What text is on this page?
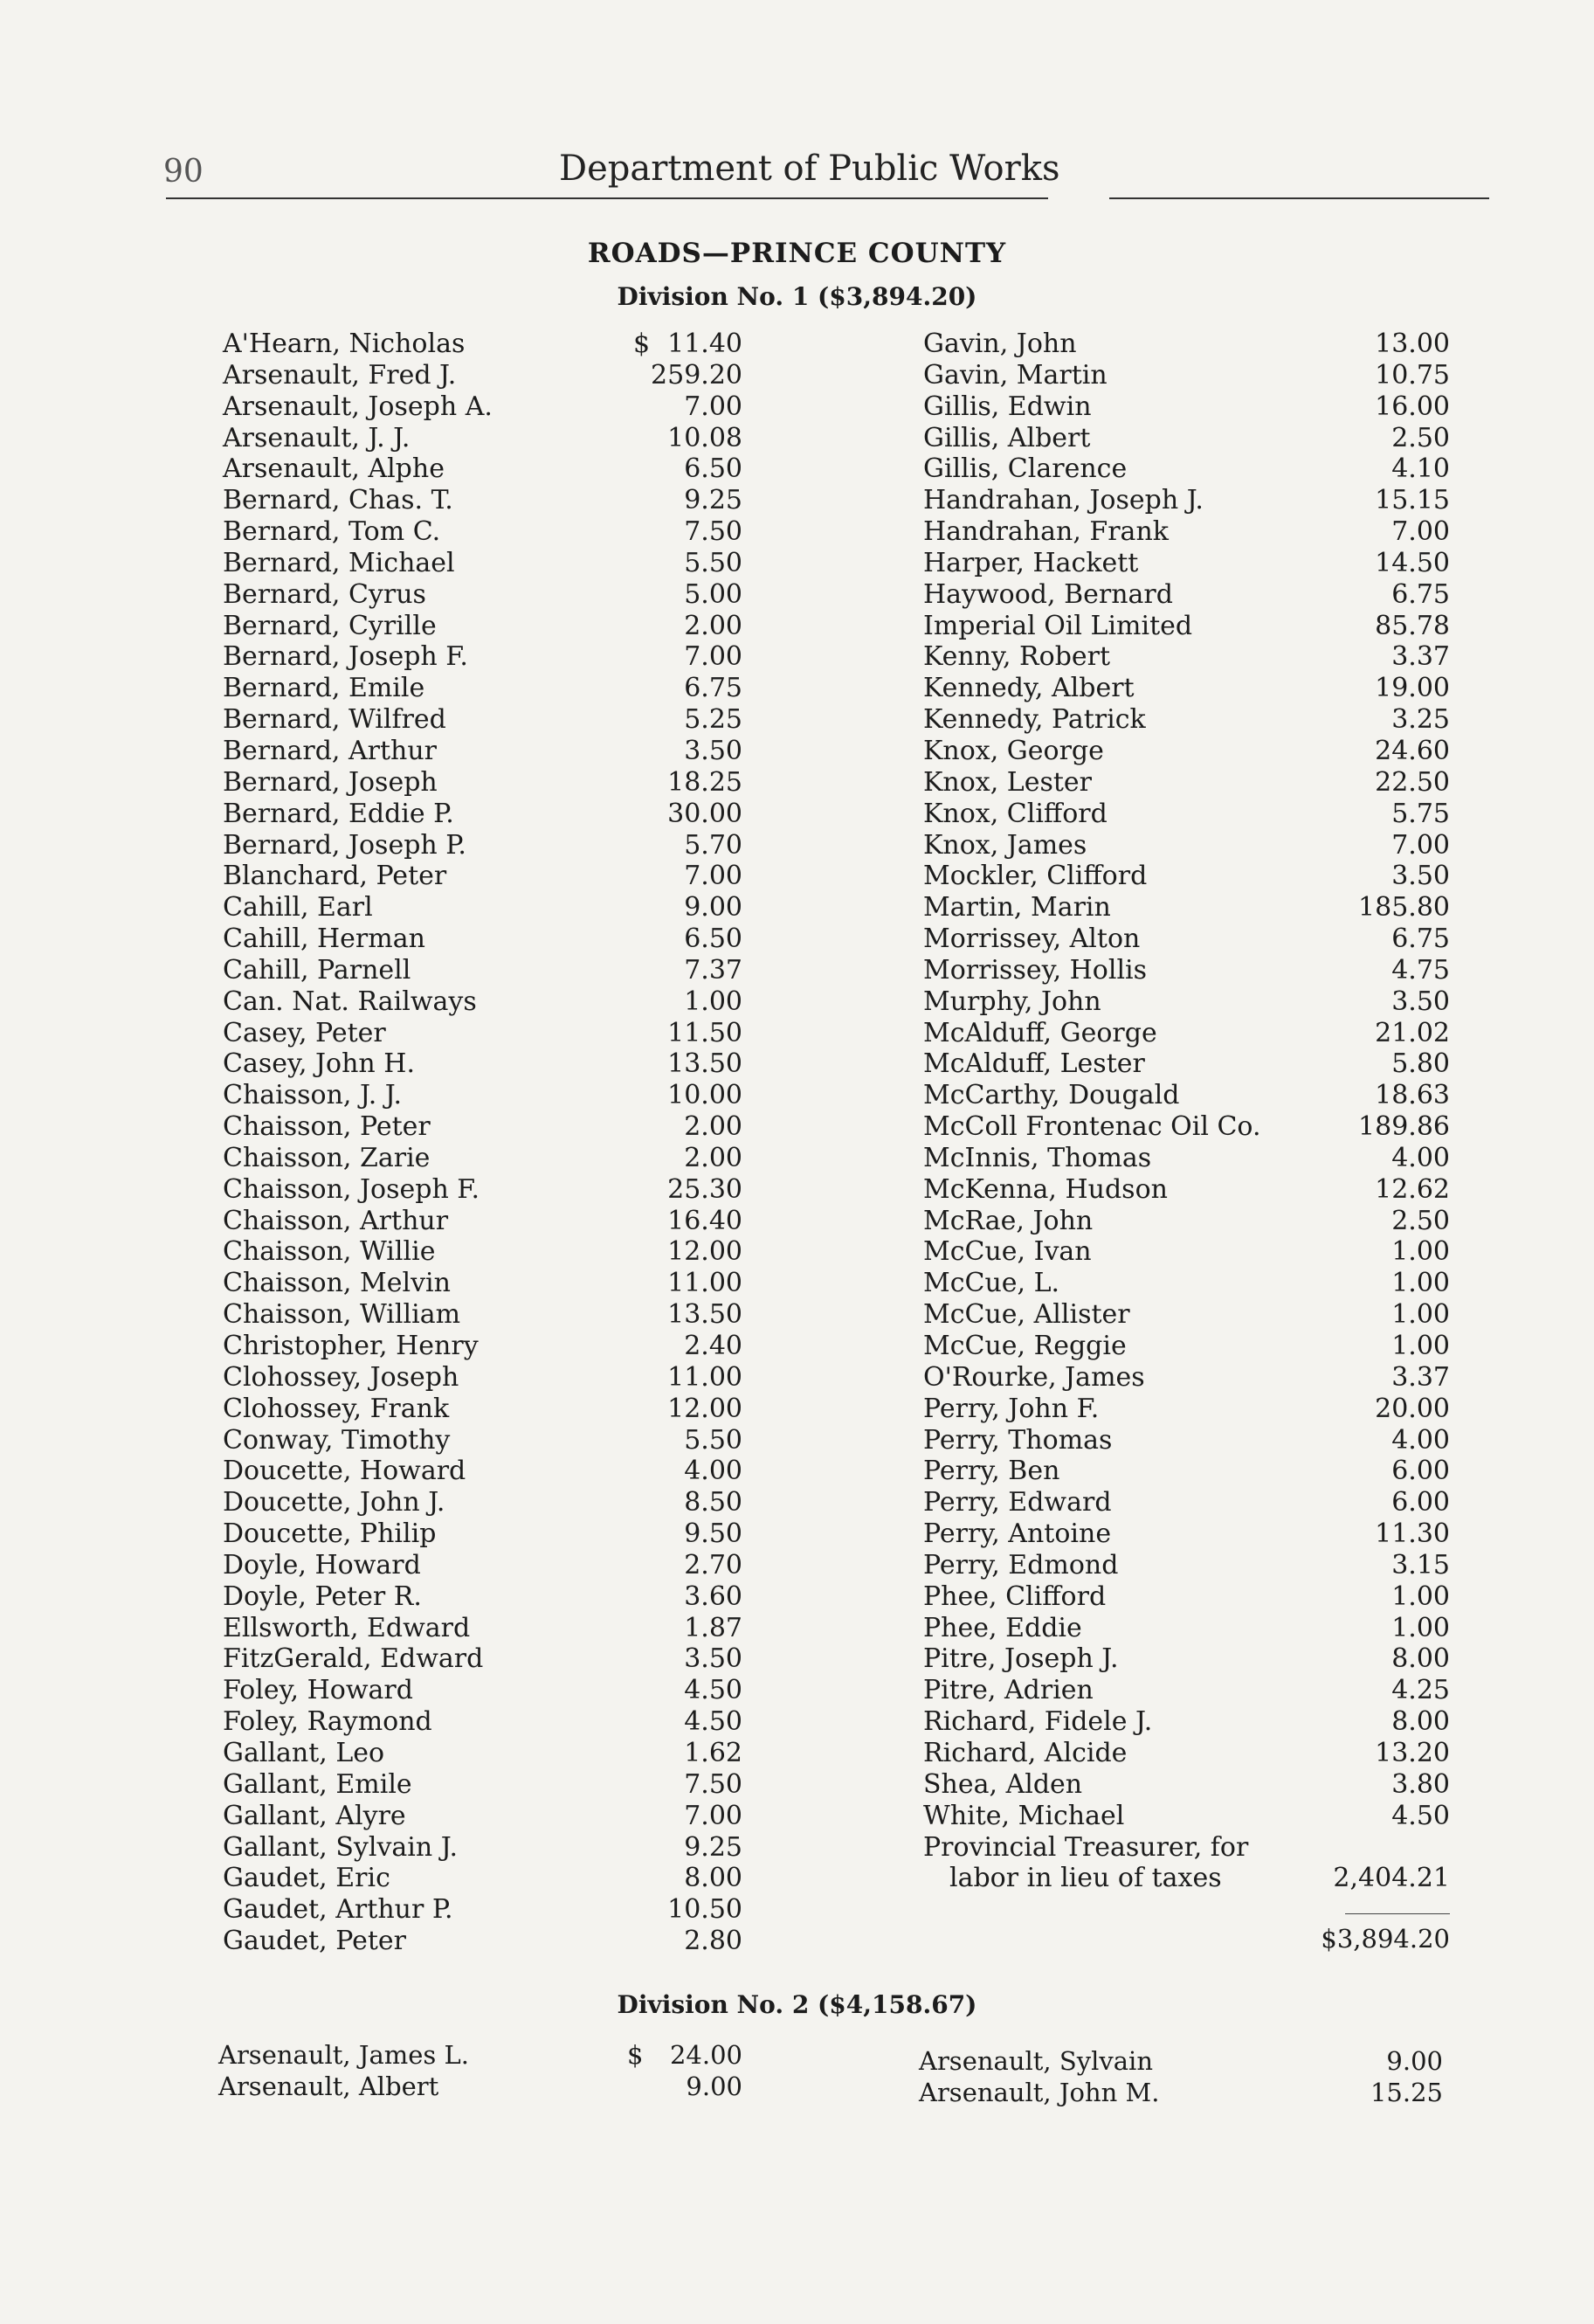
90	Department of Public Works
ROADS—PRINCE COUNTY
Division No. 1 ($3,894.20)
A'Hearn, Nicholas	$ 11.40
Arsenault, Fred J.	259.20
Arsenault, Joseph A.	7.00
Arsenault, J. J.	10.08
Arsenault, Alphe	6.50
Bernard, Chas. T.	9.25
Bernard, Tom C.	7.50
Bernard, Michael	5.50
Bernard, Cyrus	5.00
Bernard, Cyrille	2.00
Bernard, Joseph F.	7.00
Bernard, Emile	6.75
Bernard, Wilfred	5.25
Bernard, Arthur	3.50
Bernard, Joseph	18.25
Bernard, Eddie P.	30.00
Bernard, Joseph P.	5.70
Blanchard, Peter	7.00
Cahill, Earl	9.00
Cahill, Herman	6.50
Cahill, Parnell	7.37
Can. Nat. Railways	1.00
Casey, Peter	11.50
Casey, John H.	13.50
Chaisson, J. J.	10.00
Chaisson, Peter	2.00
Chaisson, Zarie	2.00
Chaisson, Joseph F.	25.30
Chaisson, Arthur	16.40
Chaisson, Willie	12.00
Chaisson, Melvin	11.00
Chaisson, William	13.50
Christopher, Henry	2.40
Clohossey, Joseph	11.00
Clohossey, Frank	12.00
Conway, Timothy	5.50
Doucette, Howard	4.00
Doucette, John J.	8.50
Doucette, Philip	9.50
Doyle, Howard	2.70
Doyle, Peter R.	3.60
Ellsworth, Edward	1.87
FitzGerald, Edward	3.50
Foley, Howard	4.50
Foley, Raymond	4.50
Gallant, Leo	1.62
Gallant, Emile	7.50
Gallant, Alyre	7.00
Gallant, Sylvain J.	9.25
Gaudet, Eric	8.00
Gaudet, Arthur P.	10.50
Gaudet, Peter	2.80
Gavin, John	13.00
Gavin, Martin	10.75
Gillis, Edwin	16.00
Gillis, Albert	2.50
Gillis, Clarence	4.10
Handrahan, Joseph J.	15.15
Handrahan, Frank	7.00
Harper, Hackett	14.50
Haywood, Bernard	6.75
Imperial Oil Limited	85.78
Kenny, Robert	3.37
Kennedy, Albert	19.00
Kennedy, Patrick	3.25
Knox, George	24.60
Knox, Lester	22.50
Knox, Clifford	5.75
Knox, James	7.00
Mockler, Clifford	3.50
Martin, Marin	185.80
Morrissey, Alton	6.75
Morrissey, Hollis	4.75
Murphy, John	3.50
McAlduff, George	21.02
McAlduff, Lester	5.80
McCarthy, Dougald	18.63
McColl Frontenac Oil Co.	189.86
McInnis, Thomas	4.00
McKenna, Hudson	12.62
McRae, John	2.50
McCue, Ivan	1.00
McCue, L.	1.00
McCue, Allister	1.00
McCue, Reggie	1.00
O'Rourke, James	3.37
Perry, John F.	20.00
Perry, Thomas	4.00
Perry, Ben	6.00
Perry, Edward	6.00
Perry, Antoine	11.30
Perry, Edmond	3.15
Phee, Clifford	1.00
Phee, Eddie	1.00
Pitre, Joseph J.	8.00
Pitre, Adrien	4.25
Richard, Fidele J.	8.00
Richard, Alcide	13.20
Shea, Alden	3.80
White, Michael	4.50
Provincial Treasurer, for
labor in lieu of taxes	2,404.21
$3,894.20
Division No. 2 ($4,158.67)
Arsenault, James L.	$ 24.00
Arsenault, Albert	9.00
Arsenault, Sylvain	9.00
Arsenault, John M.	15.25
